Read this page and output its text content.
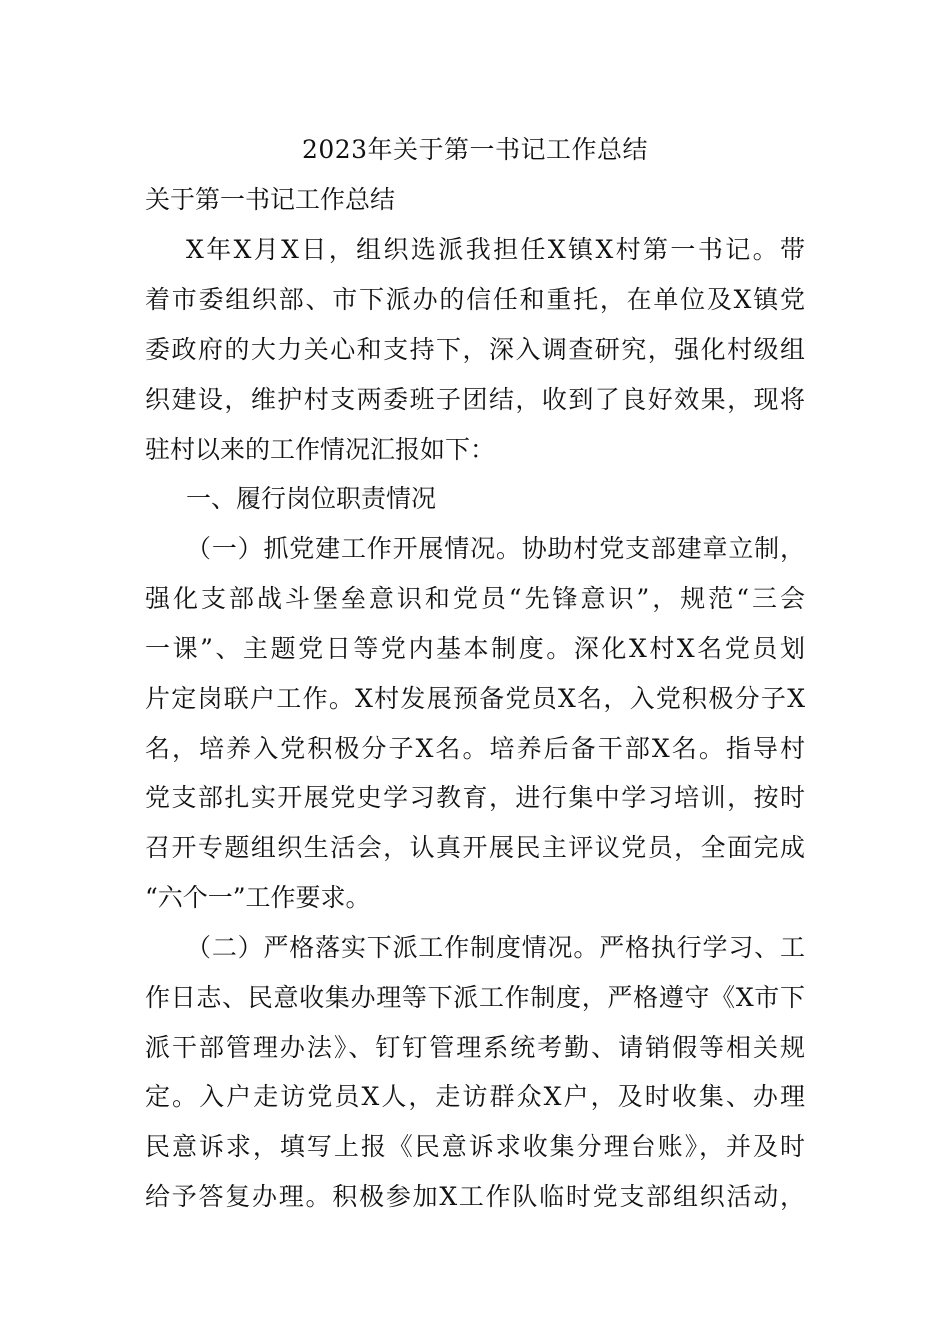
2023年关于第一书记工作总结
关于第一书记工作总结
X年X月X日，组织选派我担任X镇X村第一书记。带
着市委组织部、市下派办的信任和重托，在单位及X镇党
委政府的大力关心和支持下，深入调查研究，强化村级组
织建设，维护村支两委班子团结，收到了良好效果，现将
驻村以来的工作情况汇报如下：
一、履行岗位职责情况
（一）抓党建工作开展情况。协助村党支部建章立制，
强化支部战斗堡垒意识和党员“先锋意识”，规范“三会
一课”、主题党日等党内基本制度。深化X村X名党员划
片定岗联户工作。X村发展预备党员X名，入党积极分子X
名，培养入党积极分子X名。培养后备干部X名。指导村
党支部扎实开展党史学习教育，进行集中学习培训，按时
召开专题组织生活会，认真开展民主评议党员，全面完成
“六个一”工作要求。
（二）严格落实下派工作制度情况。严格执行学习、工
作日志、民意收集办理等下派工作制度，严格遵守《X市下
派干部管理办法》、钉钉管理系统考勤、请销假等相关规
定。入户走访党员X人，走访群众X户，及时收集、办理
民意诉求，填写上报《民意诉求收集分理台账》，并及时
给予答复办理。积极参加X工作队临时党支部组织活动，
